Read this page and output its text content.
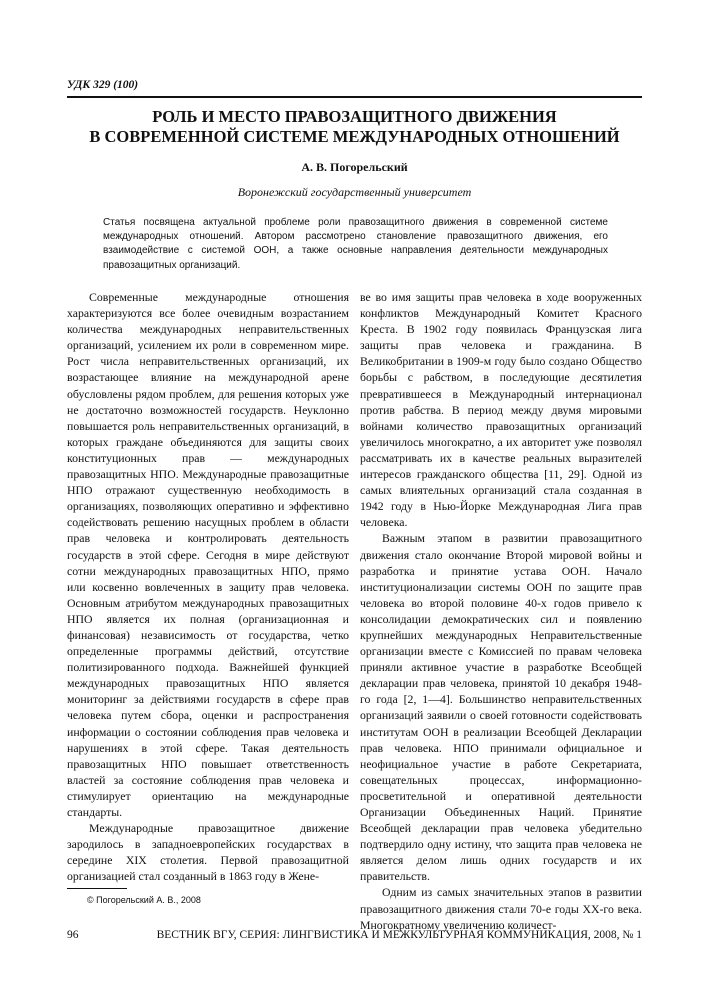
УДК 329 (100)
РОЛЬ И МЕСТО ПРАВОЗАЩИТНОГО ДВИЖЕНИЯ
В СОВРЕМЕННОЙ СИСТЕМЕ МЕЖДУНАРОДНЫХ ОТНОШЕНИЙ
А. В. Погорельский
Воронежский государственный университет
Статья посвящена актуальной проблеме роли правозащитного движения в современной системе международных отношений. Автором рассмотрено становление правозащитного движения, его взаимодействие с системой ООН, а также основные направления деятельности международных правозащитных организаций.

Современные международные отношения характеризуются все более очевидным возрастанием количества международных неправительственных организаций, усилением их роли в современном мире. Рост числа неправительственных организаций, их возрастающее влияние на международной арене обусловлены рядом проблем, для решения которых уже не достаточно возможностей государств. Неуклонно повышается роль неправительственных организаций, в которых граждане объединяются для защиты своих конституционных прав — международных правозащитных НПО. Международные правозащитные НПО отражают существенную необходимость в организациях, позволяющих оперативно и эффективно содействовать решению насущных проблем в области прав человека и контролировать деятельность государств в этой сфере. Сегодня в мире действуют сотни международных правозащитных НПО, прямо или косвенно вовлеченных в защиту прав человека. Основным атрибутом международных правозащитных НПО является их полная (организационная и финансовая) независимость от государства, четко определенные программы действий, отсутствие политизированного подхода. Важнейшей функцией международных правозащитных НПО является мониторинг за действиями государств в сфере прав человека путем сбора, оценки и распространения информации о состоянии соблюдения прав человека и нарушениях в этой сфере. Такая деятельность правозащитных НПО повышает ответственность властей за состояние соблюдения прав человека и стимулирует ориентацию на международные стандарты.

Международные правозащитное движение зародилось в западноевропейских государствах в середине XIX столетия. Первой правозащитной организацией стал созданный в 1863 году в Жене-

ве во имя защиты прав человека в ходе вооруженных конфликтов Международный Комитет Красного Креста. В 1902 году появилась Французская лига защиты прав человека и гражданина. В Великобритании в 1909-м году было создано Общество борьбы с рабством, в последующие десятилетия превратившееся в Международный интернационал против рабства. В период между двумя мировыми войнами количество правозащитных организаций увеличилось многократно, а их авторитет уже позволял рассматривать их в качестве реальных выразителей интересов гражданского общества [11, 29]. Одной из самых влиятельных организаций стала созданная в 1942 году в Нью-Йорке Международная Лига прав человека.

Важным этапом в развитии правозащитного движения стало окончание Второй мировой войны и разработка и принятие устава ООН. Начало институционализации системы ООН по защите прав человека во второй половине 40-х годов привело к консолидации демократических сил и появлению крупнейших международных Неправительственные организации вместе с Комиссией по правам человека приняли активное участие в разработке Всеобщей декларации прав человека, принятой 10 декабря 1948-го года [2, 1—4]. Большинство неправительственных организаций заявили о своей готовности содействовать институтам ООН в реализации Всеобщей Декларации прав человека. НПО принимали официальное и неофициальное участие в работе Секретариата, совещательных процессах, информационно-просветительной и оперативной деятельности Организации Объединенных Наций. Принятие Всеобщей декларации прав человека убедительно подтвердило одну истину, что защита прав человека не является делом лишь одних государств и их правительств.

Одним из самых значительных этапов в развитии правозащитного движения стали 70-е годы XX-го века. Многократному увеличению количест-

© Погорельский А. В., 2008
96	ВЕСТНИК ВГУ, СЕРИЯ: ЛИНГВИСТИКА И МЕЖКУЛЬТУРНАЯ КОММУНИКАЦИЯ, 2008, № 1
